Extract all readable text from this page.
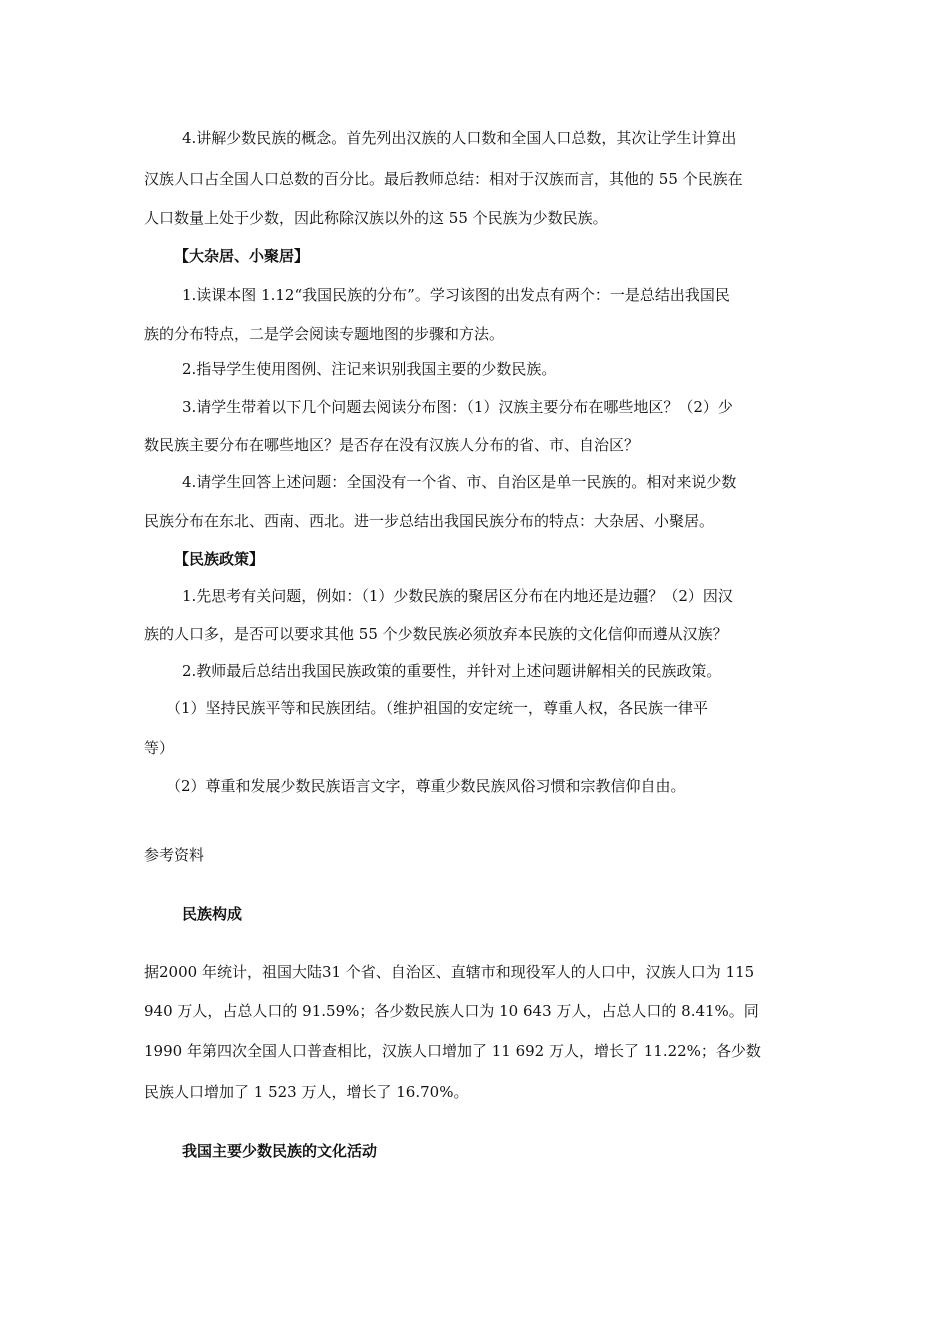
4.讲解少数民族的概念。首先列出汉族的人口数和全国人口总数，其次让学生计算出
汉族人口占全国人口总数的百分比。最后教师总结：相对于汉族而言，其他的 55 个民族在
人口数量上处于少数，因此称除汉族以外的这 55 个民族为少数民族。
【大杂居、小聚居】
1.读课本图 1.12“我国民族的分布”。学习该图的出发点有两个：一是总结出我国民
族的分布特点，二是学会阅读专题地图的步骤和方法。
2.指导学生使用图例、注记来识别我国主要的少数民族。
3.请学生带着以下几个问题去阅读分布图：（1）汉族主要分布在哪些地区？（2）少
数民族主要分布在哪些地区？是否存在没有汉族人分布的省、市、自治区？
4.请学生回答上述问题：全国没有一个省、市、自治区是单一民族的。相对来说少数
民族分布在东北、西南、西北。进一步总结出我国民族分布的特点：大杂居、小聚居。
【民族政策】
1.先思考有关问题，例如：（1）少数民族的聚居区分布在内地还是边疆？（2）因汉
族的人口多，是否可以要求其他 55 个少数民族必须放弃本民族的文化信仰而遵从汉族？
2.教师最后总结出我国民族政策的重要性，并针对上述问题讲解相关的民族政策。
（1）坚持民族平等和民族团结。（维护祖国的安定统一，尊重人权，各民族一律平
等）
（2）尊重和发展少数民族语言文字，尊重少数民族风俗习惯和宗教信仰自由。
参考资料
民族构成
据2000 年统计，祖国大陆31 个省、自治区、直辖市和现役军人的人口中，汉族人口为 115
940 万人，占总人口的 91.59%；各少数民族人口为 10 643 万人，占总人口的 8.41%。同
1990 年第四次全国人口普查相比，汉族人口增加了 11 692 万人，增长了 11.22%；各少数
民族人口增加了 1 523 万人，增长了 16.70%。
我国主要少数民族的文化活动
